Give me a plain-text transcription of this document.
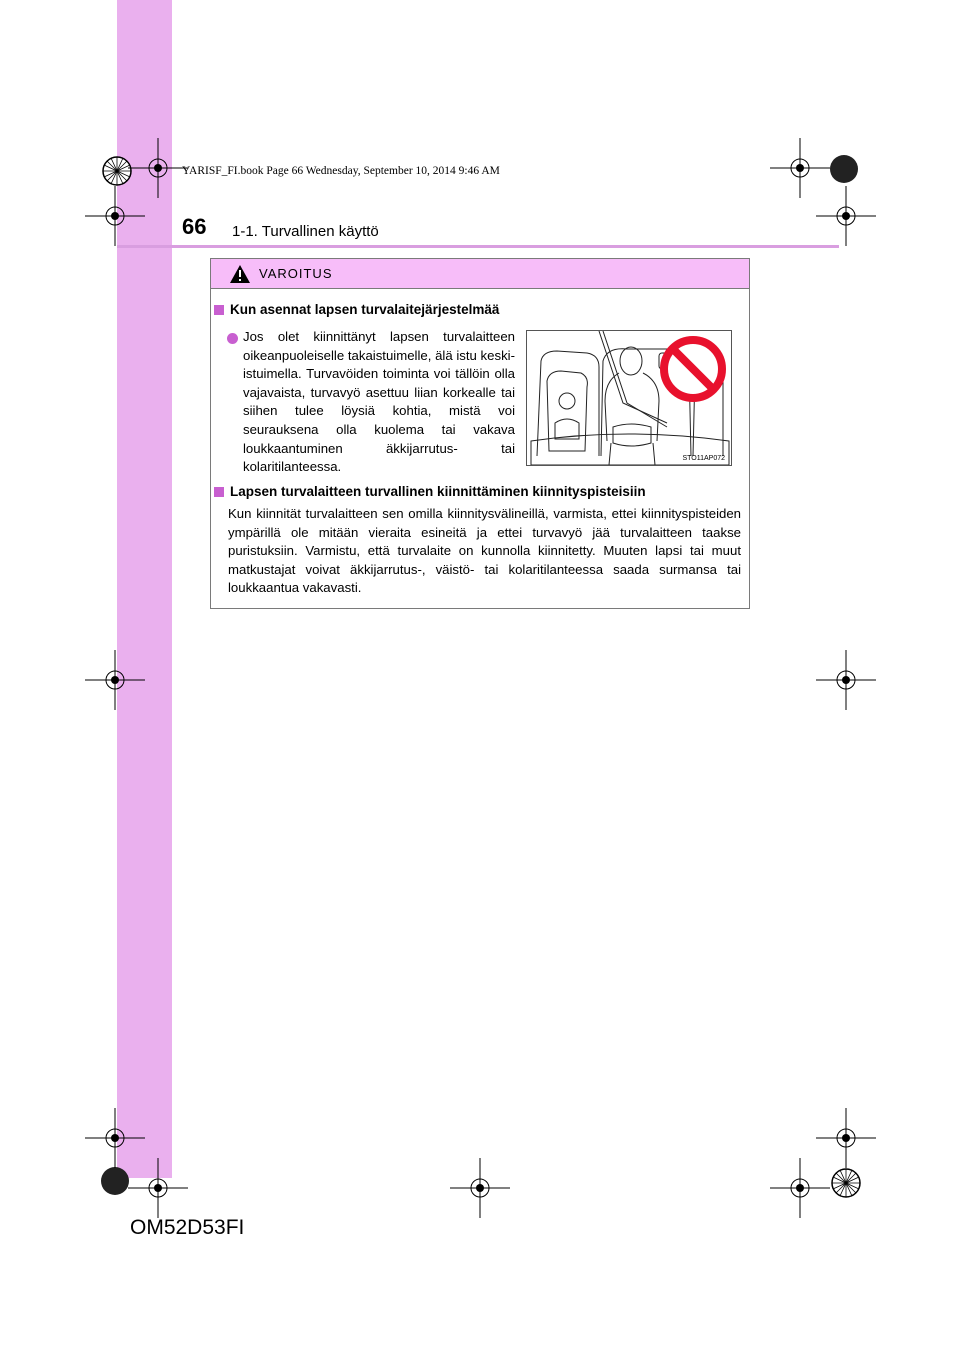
YARISF_FI.book Page 66 Wednesday, September 10, 2014 9:46 AM
66 1-1. Turvallinen käyttö
VAROITUS
Kun asennat lapsen turvalaitejärjestelmää
Jos olet kiinnittänyt lapsen turvalaitteen oikeanpuoleiselle takaistuimelle, älä istu keski-istuimella. Turvavöiden toiminta voi tällöin olla vajavaista, turvavyö asettuu liian korkealle tai siihen tulee löysiä kohtia, mistä voi seurauksena olla kuolema tai vakava loukkaantuminen äkkijarrutus- tai kolaritilanteessa.
STO11AP072
Lapsen turvalaitteen turvallinen kiinnittäminen kiinnityspisteisiin
Kun kiinnität turvalaitteen sen omilla kiinnitysvälineillä, varmista, ettei kiinnityspisteiden ympärillä ole mitään vieraita esineitä ja ettei turvavyö jää turvalaitteen taakse puristuksiin. Varmistu, että turvalaite on kunnolla kiinnitetty. Muuten lapsi tai muut matkustajat voivat äkkijarrutus-, väistö- tai kolaritilanteessa saada surmansa tai loukkaantua vakavasti.
OM52D53FI
